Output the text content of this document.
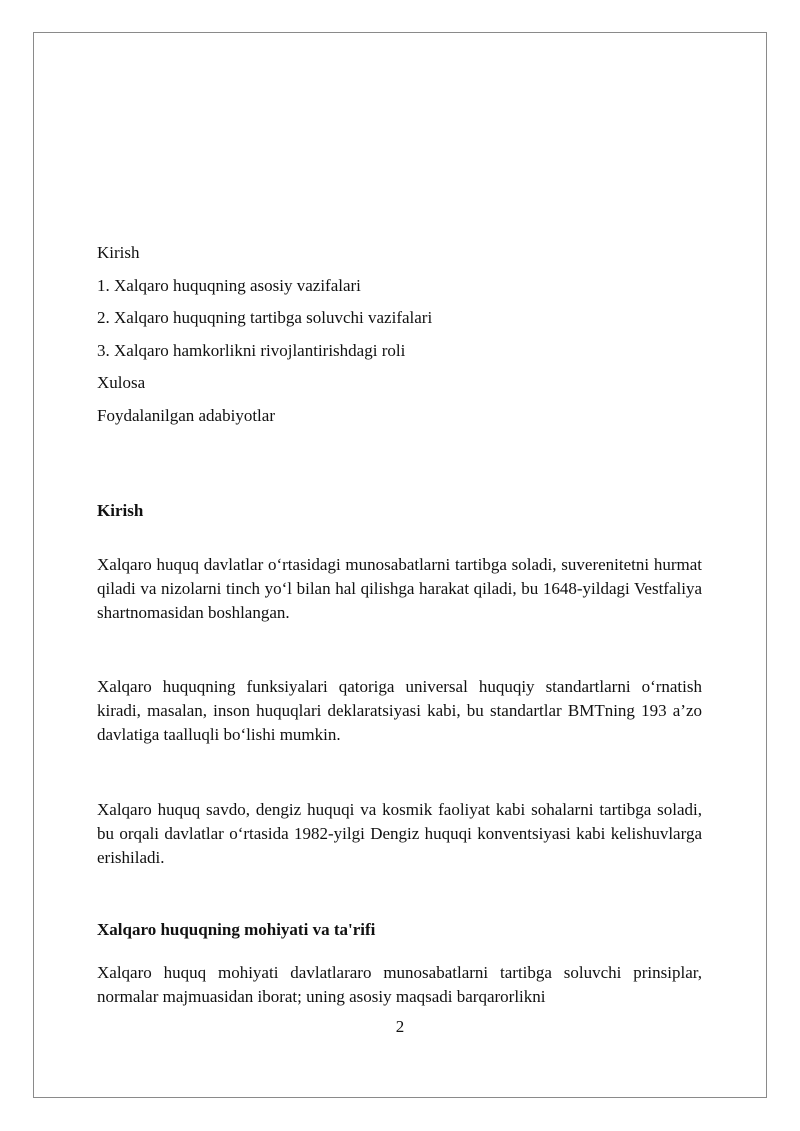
Kirish
1. Xalqaro huquqning asosiy vazifalari
2. Xalqaro huquqning tartibga soluvchi vazifalari
3. Xalqaro hamkorlikni rivojlantirishdagi roli
Xulosa
Foydalanilgan adabiyotlar
Kirish

Xalqaro huquq davlatlar o‘rtasidagi munosabatlarni tartibga soladi, suverenitetni hurmat qiladi va nizolarni tinch yo‘l bilan hal qilishga harakat qiladi, bu 1648-yildagi Vestfaliya shartnomasidan boshlangan.

Xalqaro huquqning funksiyalari qatoriga universal huquqiy standartlarni o‘rnatish kiradi, masalan, inson huquqlari deklaratsiyasi kabi, bu standartlar BMTning 193 a’zo davlatiga taalluqli bo‘lishi mumkin.

Xalqaro huquq savdo, dengiz huquqi va kosmik faoliyat kabi sohalarni tartibga soladi, bu orqali davlatlar o‘rtasida 1982-yilgi Dengiz huquqi konventsiyasi kabi kelishuvlarga erishiladi.

Xalqaro huquqning mohiyati va ta'rifi

Xalqaro huquq mohiyati davlatlararo munosabatlarni tartibga soluvchi prinsiplar, normalar majmuasidan iborat; uning asosiy maqsadi barqarorlikni

2
